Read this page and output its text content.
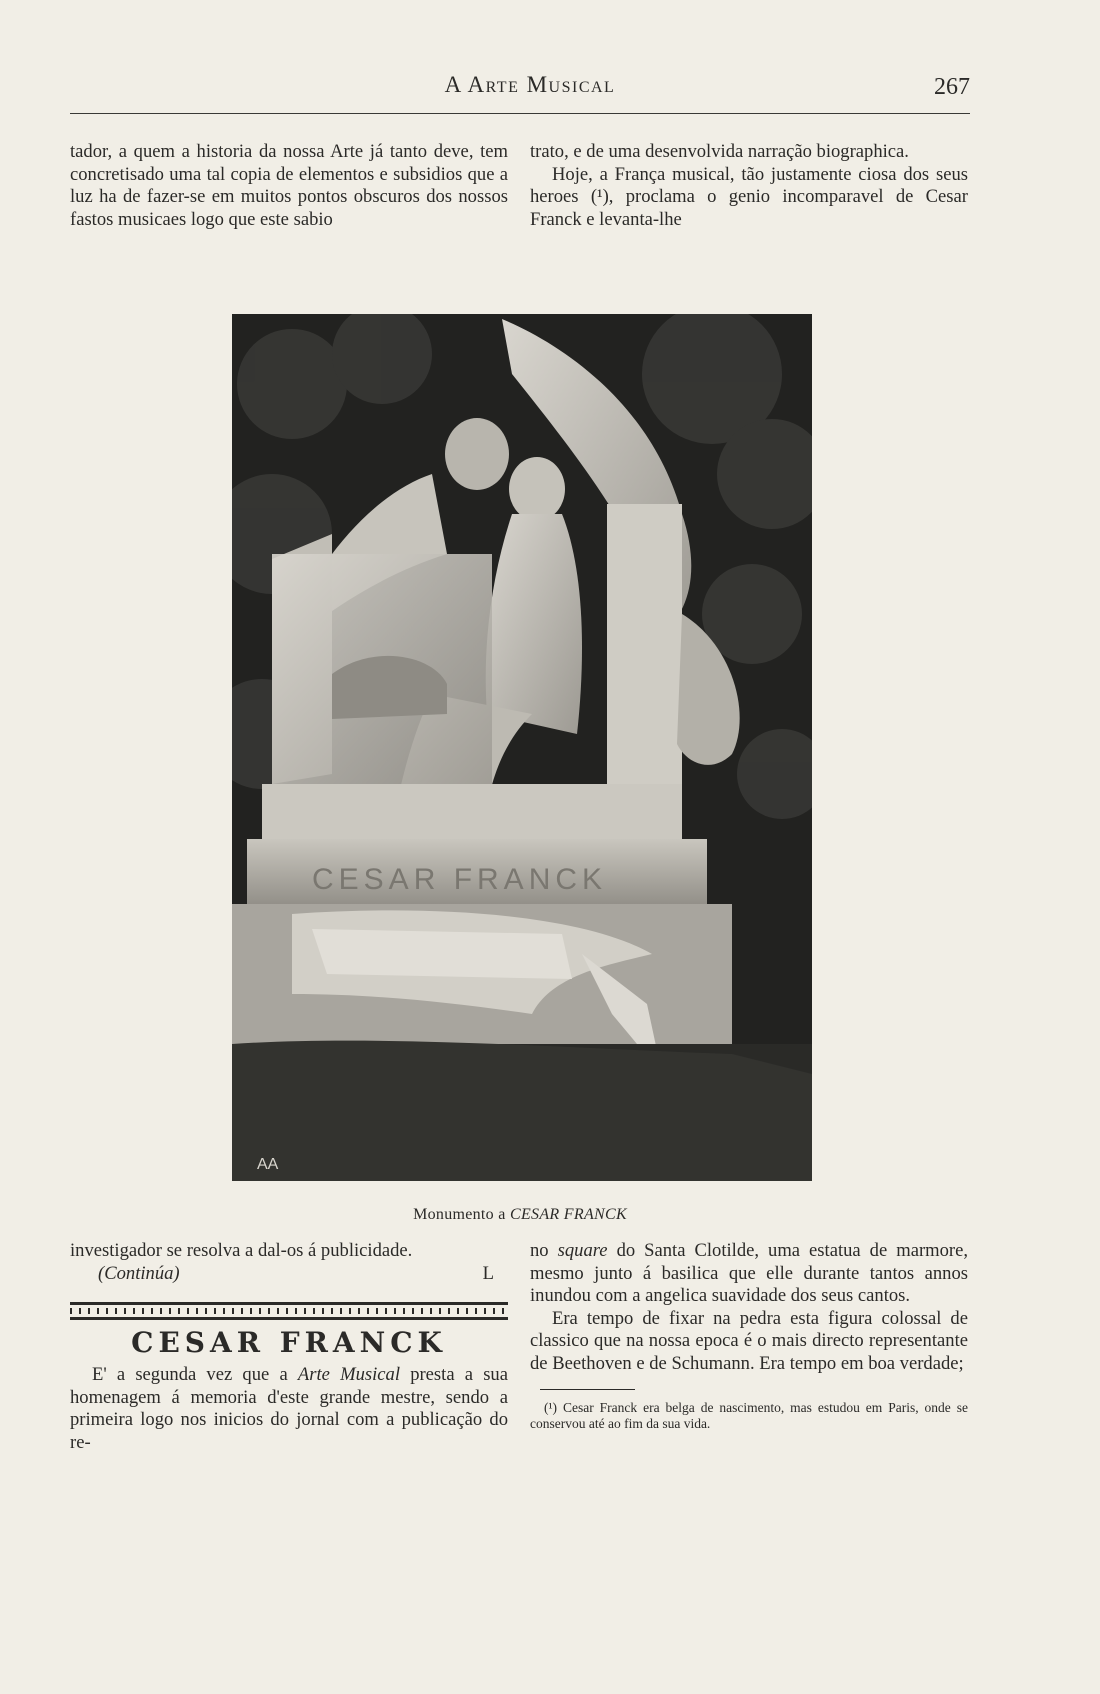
A Arte Musical	267

tador, a quem a historia da nossa Arte já tanto deve, tem concretisado uma tal copia de elementos e subsidios que a luz ha de fazer-se em muitos pontos obscuros dos nossos fastos musicaes logo que este sabio

trato, e de uma desenvolvida narração biographica.

Hoje, a França musical, tão justamente ciosa dos seus heroes (¹), proclama o genio incomparavel de Cesar Franck e levanta-lhe

CESAR FRANCK
AA
Monumento a CESAR FRANCK

investigador se resolva a dal-os á publicidade.

(Continúa)	L
CESAR FRANCK

E' a segunda vez que a Arte Musical presta a sua homenagem á memoria d'este grande mestre, sendo a primeira logo nos inicios do jornal com a publicação do re-

no square do Santa Clotilde, uma estatua de marmore, mesmo junto á basilica que elle durante tantos annos inundou com a angelica suavidade dos seus cantos.

Era tempo de fixar na pedra esta figura colossal de classico que na nossa epoca é o mais directo representante de Beethoven e de Schumann. Era tempo em boa verdade;

(¹) Cesar Franck era belga de nascimento, mas estudou em Paris, onde se conservou até ao fim da sua vida.
